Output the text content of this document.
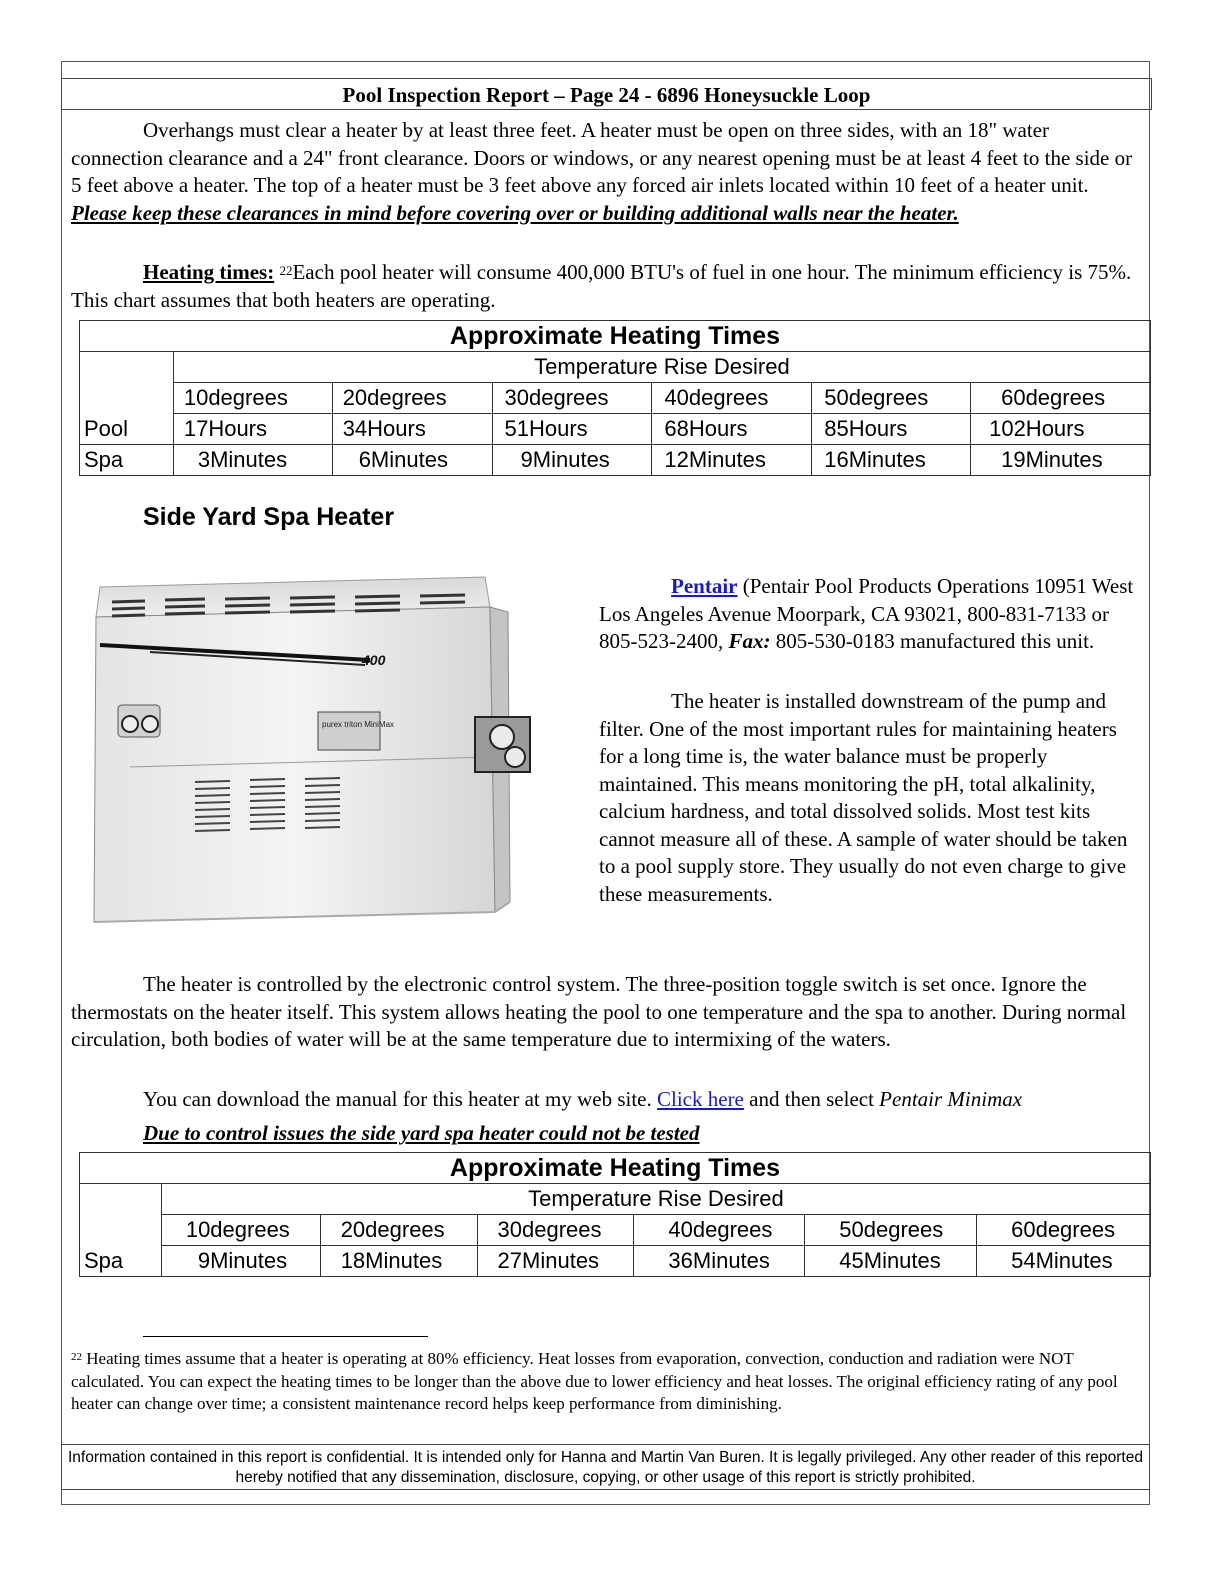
Pool Inspection Report – Page 24 - 6896 Honeysuckle Loop
Overhangs must clear a heater by at least three feet. A heater must be open on three sides, with an 18" water connection clearance and a 24" front clearance. Doors or windows, or any nearest opening must be at least 4 feet to the side or 5 feet above a heater. The top of a heater must be 3 feet above any forced air inlets located within 10 feet of a heater unit. Please keep these clearances in mind before covering over or building additional walls near the heater.
Heating times: $^{22}$Each pool heater will consume 400,000 BTU's of fuel in one hour. The minimum efficiency is 75%. This chart assumes that both heaters are operating.
Approximate Heating Times						
	Temperature Rise Desired					
	10degrees	20degrees	30degrees	40degrees	50degrees	60degrees
Pool	17Hours	34Hours	51Hours	68Hours	85Hours	102Hours
Spa	3Minutes	6Minutes	9Minutes	12Minutes	16Minutes	19Minutes
Side Yard Spa Heater
400
purex triton MiniMax
Pentair (Pentair Pool Products Operations 10951 West Los Angeles Avenue Moorpark, CA 93021, 800-831-7133 or 805-523-2400, Fax: 805-530-0183 manufactured this unit.
The heater is installed downstream of the pump and filter. One of the most important rules for maintaining heaters for a long time is, the water balance must be properly maintained. This means monitoring the pH, total alkalinity, calcium hardness, and total dissolved solids. Most test kits cannot measure all of these. A sample of water should be taken to a pool supply store. They usually do not even charge to give these measurements.
The heater is controlled by the electronic control system. The three-position toggle switch is set once. Ignore the thermostats on the heater itself. This system allows heating the pool to one temperature and the spa to another. During normal circulation, both bodies of water will be at the same temperature due to intermixing of the waters.
You can download the manual for this heater at my web site. Click here and then select Pentair Minimax
Due to control issues the side yard spa heater could not be tested
Approximate Heating Times						
	Temperature Rise Desired					
	10degrees	20degrees	30degrees	40degrees	50degrees	60degrees
Spa	9Minutes	18Minutes	27Minutes	36Minutes	45Minutes	54Minutes
$^{22}$ Heating times assume that a heater is operating at 80% efficiency. Heat losses from evaporation, convection, conduction and radiation were NOT calculated. You can expect the heating times to be longer than the above due to lower efficiency and heat losses. The original efficiency rating of any pool heater can change over time; a consistent maintenance record helps keep performance from diminishing.
Information contained in this report is confidential. It is intended only for Hanna and Martin Van Buren. It is legally privileged. Any other reader of this reported hereby notified that any dissemination, disclosure, copying, or other usage of this report is strictly prohibited.
